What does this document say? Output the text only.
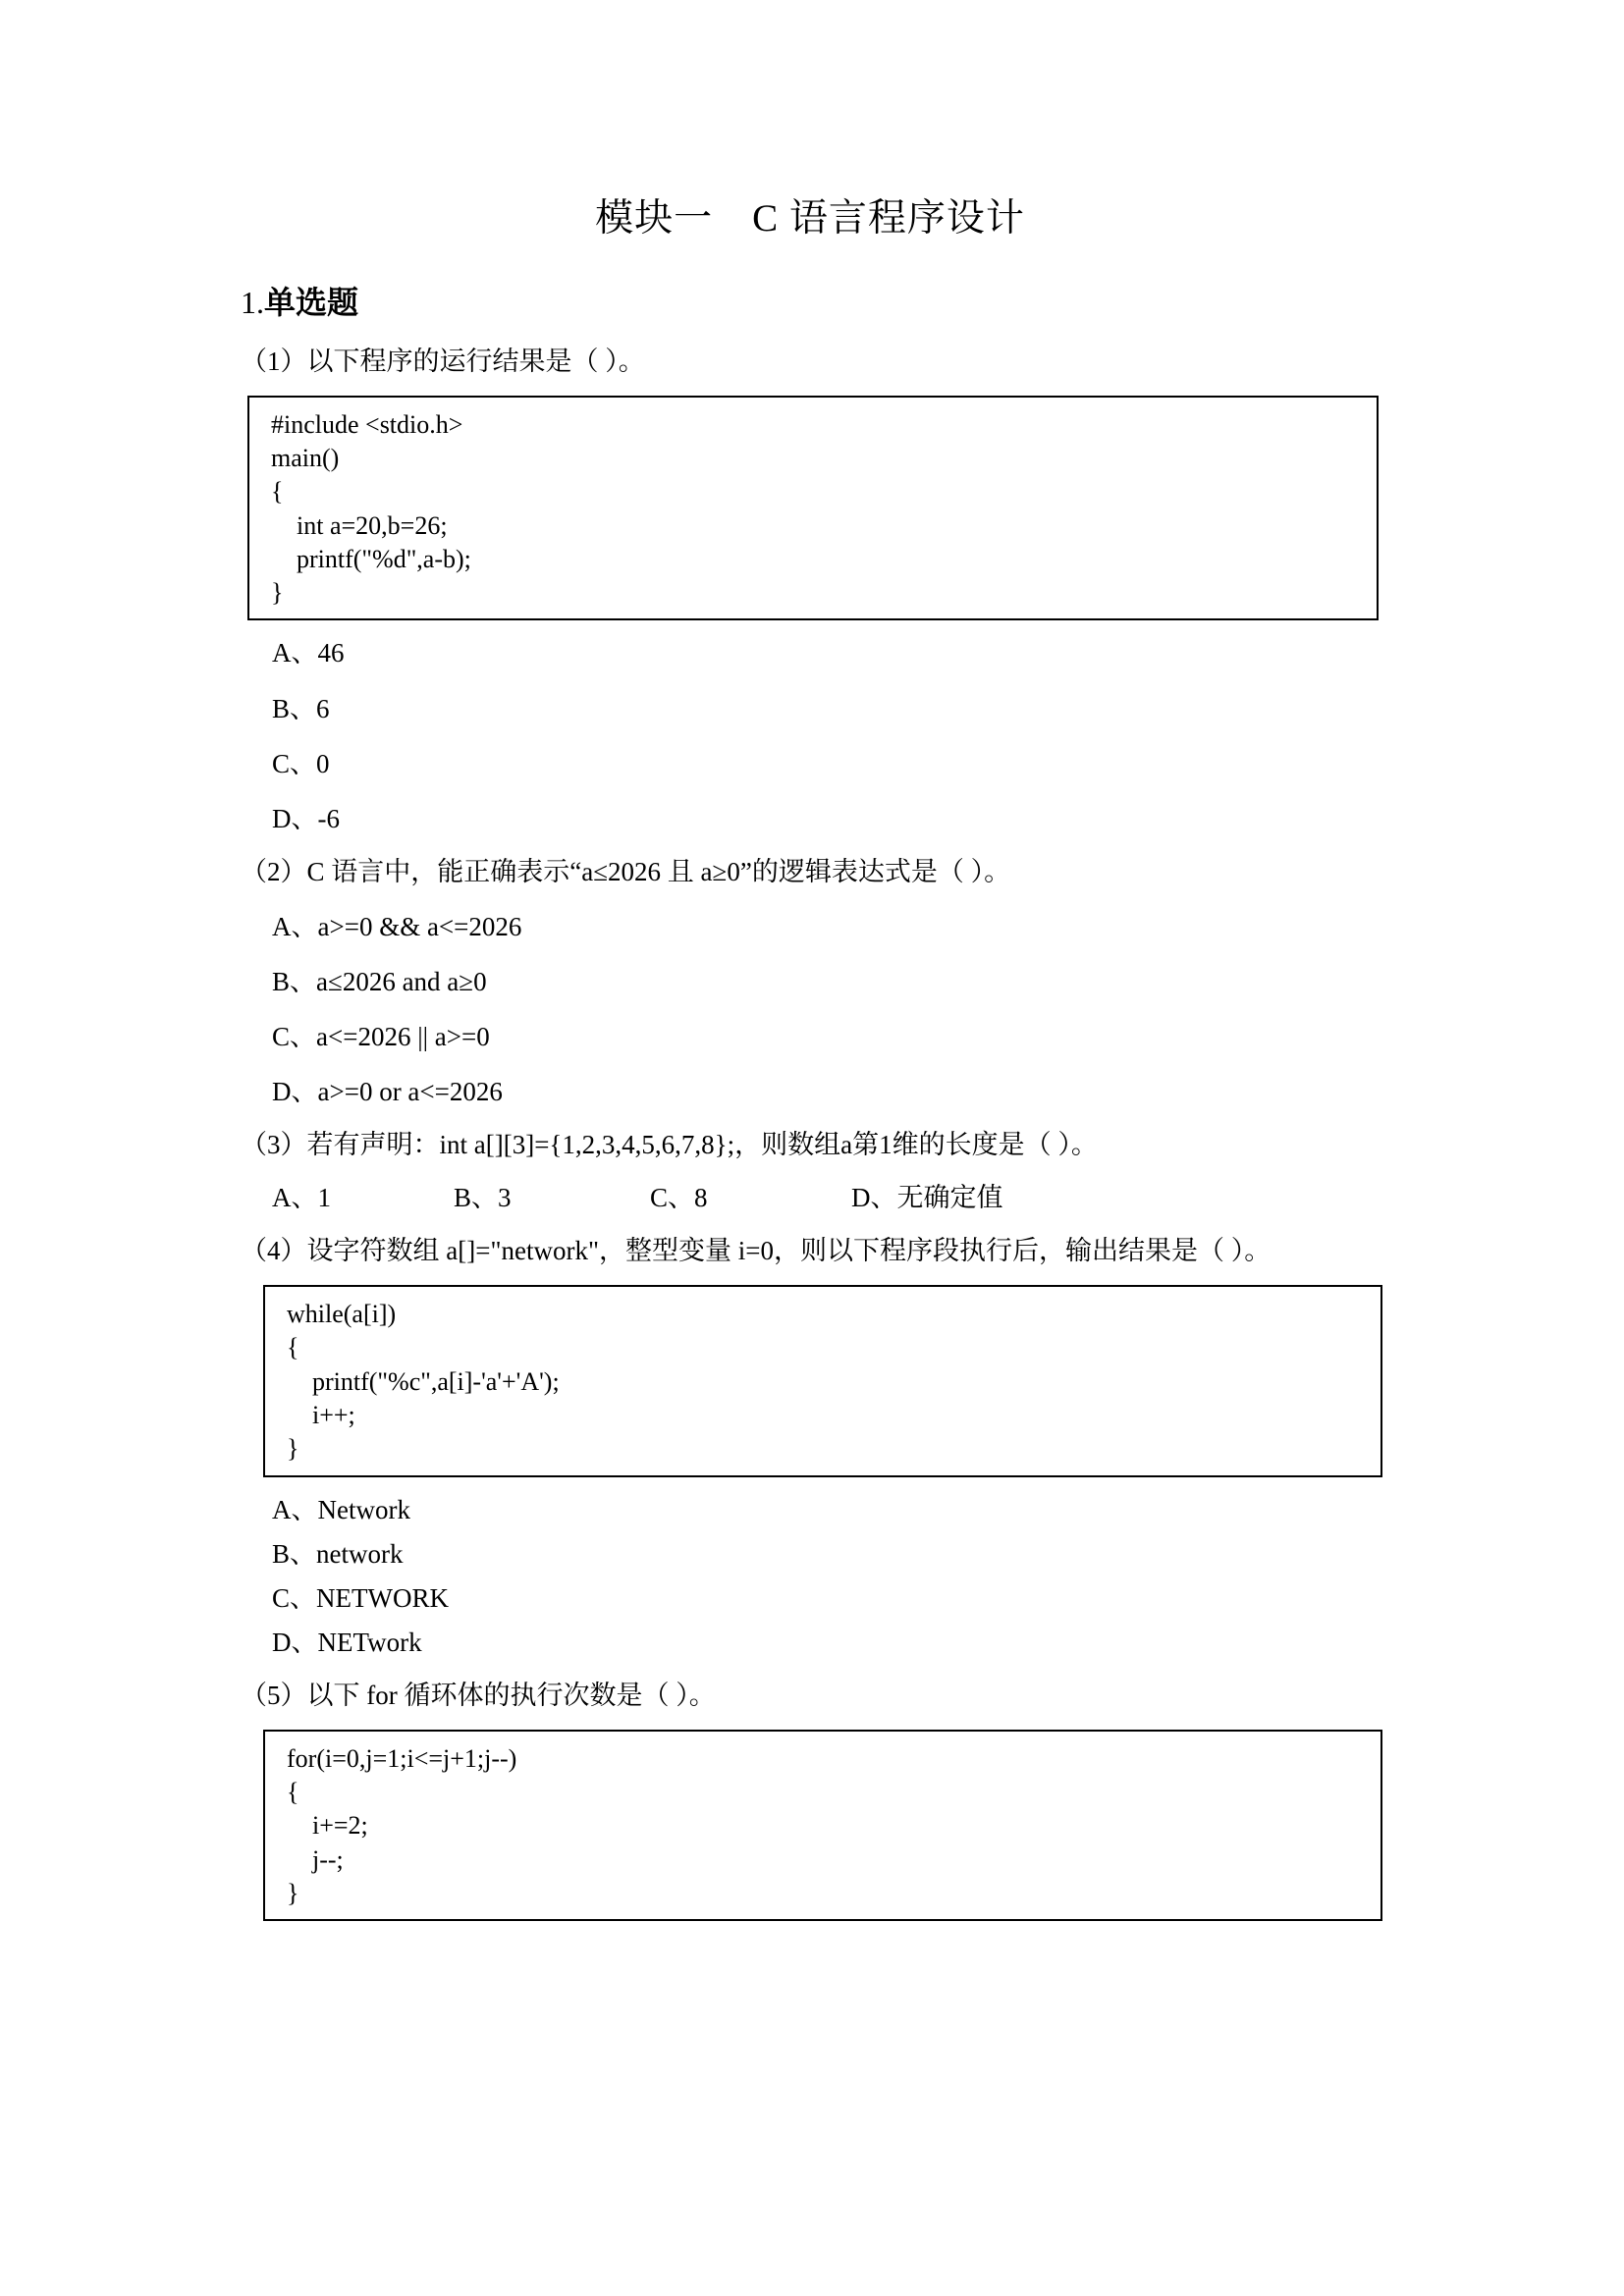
模块一　C 语言程序设计
1.单选题

（1）以下程序的运行结果是（ ）。

#include <stdio.h>
main()
{
int a=20,b=26;
printf("%d",a-b);
}
A、46
B、6
C、0
D、-6

（2）C 语言中，能正确表示“a≤2026 且 a≥0”的逻辑表达式是（ ）。

A、a>=0 && a<=2026
B、a≤2026 and a≥0
C、a<=2026 || a>=0
D、a>=0 or a<=2026

（3）若有声明：int a[][3]={1,2,3,4,5,6,7,8};，则数组a第1维的长度是（ ）。

A、1	B、3	C、8	D、无确定值

（4）设字符数组 a[]="network"，整型变量 i=0，则以下程序段执行后，输出结果是（ ）。

while(a[i])
{
printf("%c",a[i]-'a'+'A');
i++;
}
A、Network
B、network
C、NETWORK
D、NETwork

（5）以下 for 循环体的执行次数是（ ）。

for(i=0,j=1;i<=j+1;j--)
{
i+=2;
j--;
}
